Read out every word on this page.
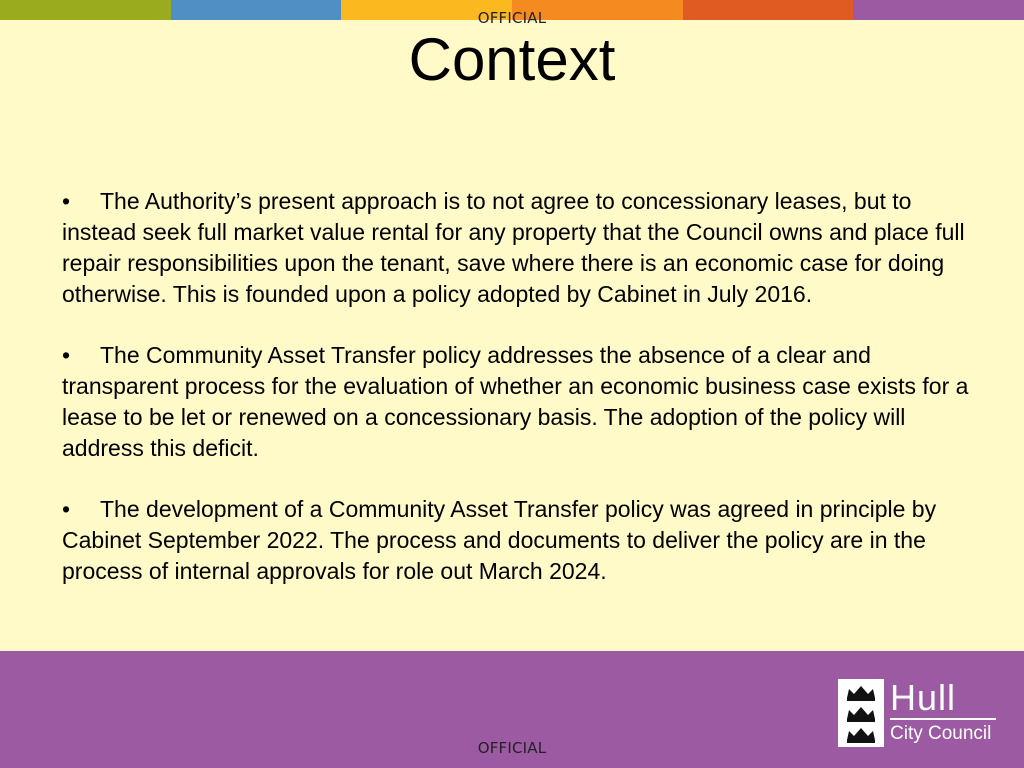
OFFICIAL
Context

• The Authority’s present approach is to not agree to concessionary leases, but to instead seek full market value rental for any property that the Council owns and place full repair responsibilities upon the tenant, save where there is an economic case for doing otherwise. This is founded upon a policy adopted by Cabinet in July 2016.

• The Community Asset Transfer policy addresses the absence of a clear and transparent process for the evaluation of whether an economic business case exists for a lease to be let or renewed on a concessionary basis. The adoption of the policy will address this deficit.

• The development of a Community Asset Transfer policy was agreed in principle by Cabinet September 2022. The process and documents to deliver the policy are in the process of internal approvals for role out March 2024.

Hull
City Council
OFFICIAL
